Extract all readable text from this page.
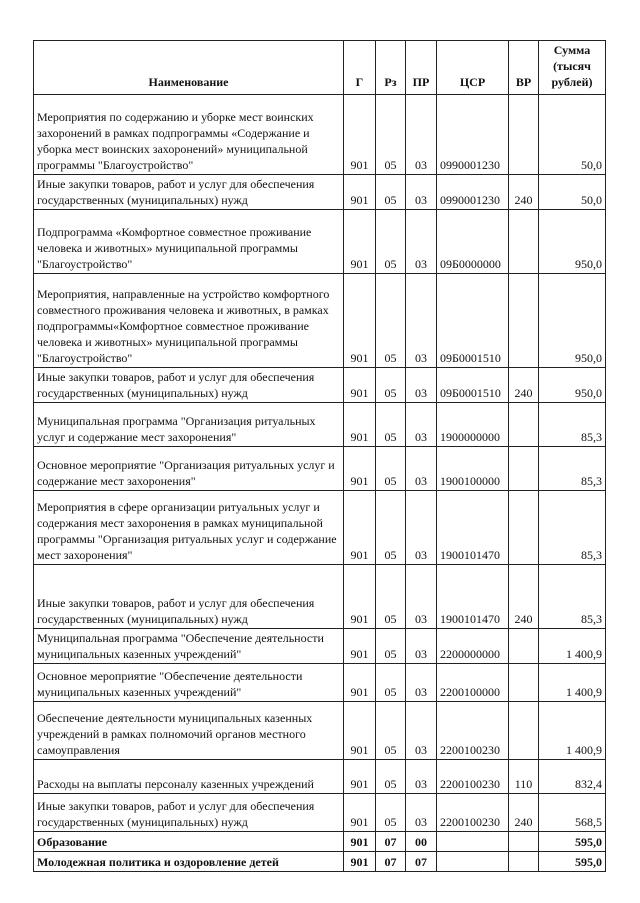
Наименование	Г	Рз	ПР	ЦСР	ВР	Сумма (тысяч рублей)
Мероприятия по содержанию и уборке мест воинских захоронений в рамках подпрограммы «Содержание и уборка мест воинских захоронений» муниципальной программы "Благоустройство"	901	05	03	0990001230		50,0
Иные закупки товаров, работ и услуг для обеспечения государственных (муниципальных) нужд	901	05	03	0990001230	240	50,0
Подпрограмма «Комфортное совместное проживание человека и животных» муниципальной программы "Благоустройство"	901	05	03	09Б0000000		950,0
Мероприятия, направленные на устройство комфортного совместного проживания человека и животных, в рамках подпрограммы«Комфортное совместное проживание человека и животных» муниципальной программы "Благоустройство"	901	05	03	09Б0001510		950,0
Иные закупки товаров, работ и услуг для обеспечения государственных (муниципальных) нужд	901	05	03	09Б0001510	240	950,0
Муниципальная программа "Организация ритуальных услуг и содержание мест захоронения"	901	05	03	1900000000		85,3
Основное мероприятие "Организация ритуальных услуг и содержание мест захоронения"	901	05	03	1900100000		85,3
Мероприятия в сфере организации ритуальных услуг и содержания мест захоронения в рамках муниципальной программы "Организация ритуальных услуг и содержание мест захоронения"	901	05	03	1900101470		85,3
Иные закупки товаров, работ и услуг для обеспечения государственных (муниципальных) нужд	901	05	03	1900101470	240	85,3
Муниципальная программа "Обеспечение деятельности муниципальных казенных учреждений"	901	05	03	2200000000		1 400,9
Основное мероприятие "Обеспечение деятельности муниципальных казенных учреждений"	901	05	03	2200100000		1 400,9
Обеспечение деятельности муниципальных казенных учреждений в рамках полномочий органов местного самоуправления	901	05	03	2200100230		1 400,9
Расходы на выплаты персоналу казенных учреждений	901	05	03	2200100230	110	832,4
Иные закупки товаров, работ и услуг для обеспечения государственных (муниципальных) нужд	901	05	03	2200100230	240	568,5
Образование	901	07	00			595,0
Молодежная политика и оздоровление детей	901	07	07			595,0
